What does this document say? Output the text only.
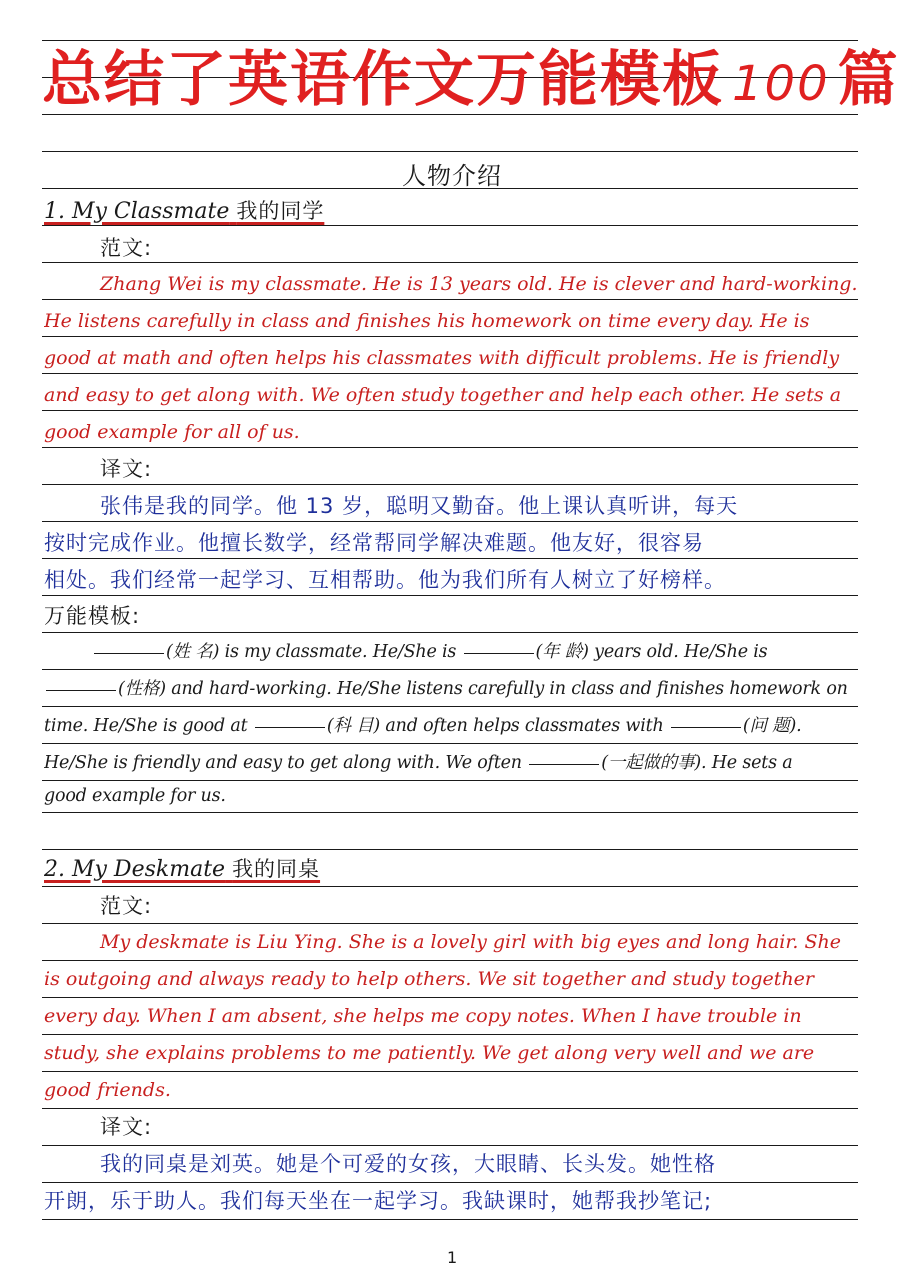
总结了英语作文万能模板 100 篇
人物介绍
1. My Classmate 我的同学
范文:
Zhang Wei is my classmate. He is 13 years old. He is clever and hard-working.
He listens carefully in class and finishes his homework on time every day. He is
good at math and often helps his classmates with difficult problems. He is friendly
and easy to get along with. We often study together and help each other. He sets a
good example for all of us.
译文:
张伟是我的同学。他 13 岁，聪明又勤奋。他上课认真听讲，每天
按时完成作业。他擅长数学，经常帮同学解决难题。他友好，很容易
相处。我们经常一起学习、互相帮助。他为我们所有人树立了好榜样。
万能模板:
(姓 名) is my classmate. He/She is	(年 龄) years old. He/She is
(性格) and hard-working. He/She listens carefully in class and finishes homework on
time. He/She is good at	(科 目) and often helps classmates with	(问 题).
He/She is friendly and easy to get along with. We often	(一起做的事). He sets a
good example for us.
2. My Deskmate 我的同桌
范文:
My deskmate is Liu Ying. She is a lovely girl with big eyes and long hair. She
is outgoing and always ready to help others. We sit together and study together
every day. When I am absent, she helps me copy notes. When I have trouble in
study, she explains problems to me patiently. We get along very well and we are
good friends.
译文:
我的同桌是刘英。她是个可爱的女孩，大眼睛、长头发。她性格
开朗，乐于助人。我们每天坐在一起学习。我缺课时，她帮我抄笔记;
1
